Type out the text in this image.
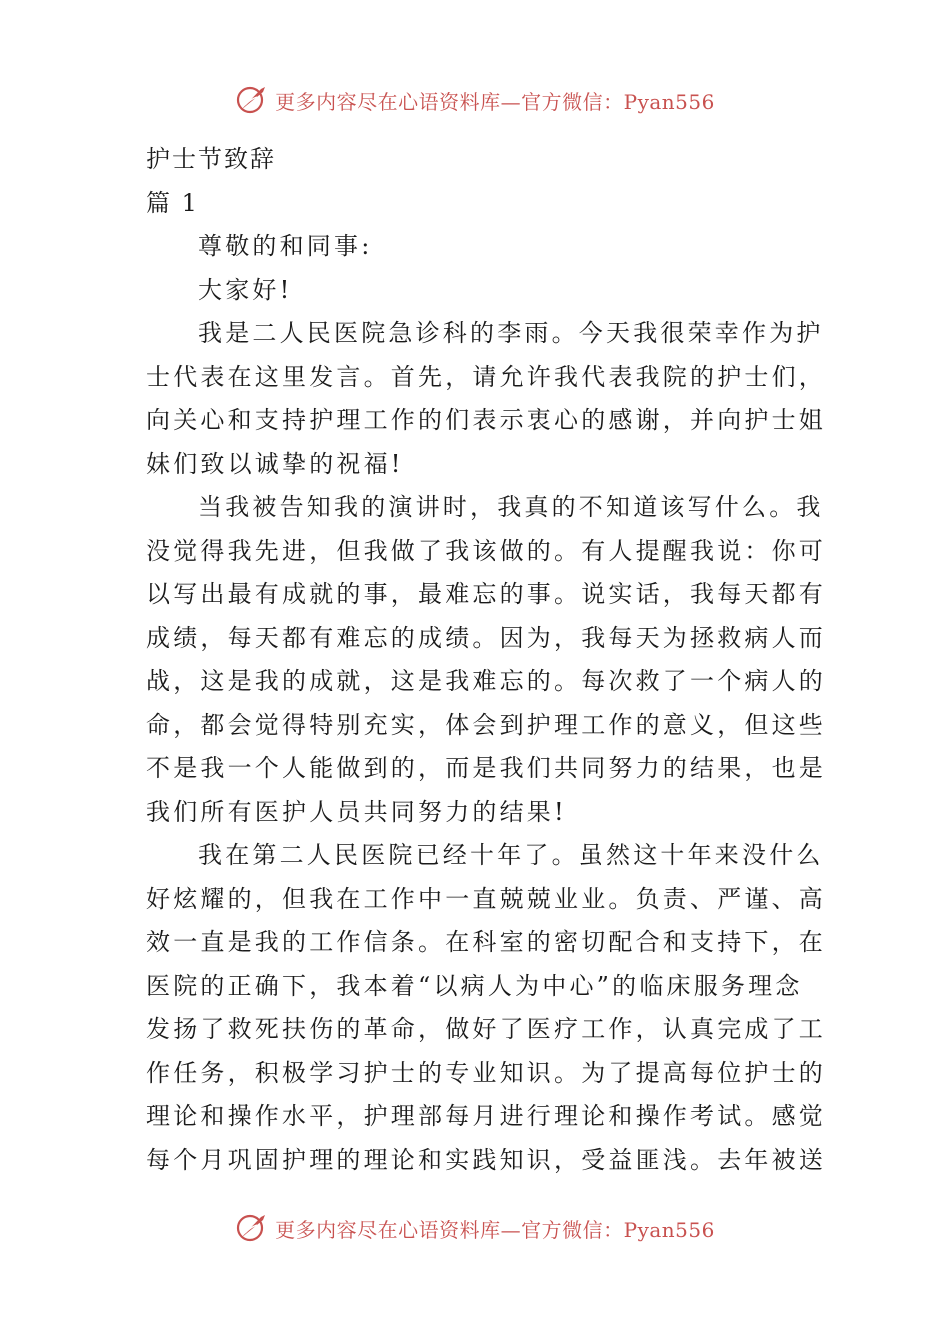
更多内容尽在心语资料库—官方微信：Pyan556
护士节致辞
篇 1
尊敬的和同事:
大家好!
我是二人民医院急诊科的李雨。今天我很荣幸作为护
士代表在这里发言。首先，请允许我代表我院的护士们，
向关心和支持护理工作的们表示衷心的感谢，并向护士姐
妹们致以诚挚的祝福!
当我被告知我的演讲时，我真的不知道该写什么。我
没觉得我先进，但我做了我该做的。有人提醒我说：你可
以写出最有成就的事，最难忘的事。说实话，我每天都有
成绩，每天都有难忘的成绩。因为，我每天为拯救病人而
战，这是我的成就，这是我难忘的。每次救了一个病人的
命，都会觉得特别充实，体会到护理工作的意义，但这些
不是我一个人能做到的，而是我们共同努力的结果，也是
我们所有医护人员共同努力的结果!
我在第二人民医院已经十年了。虽然这十年来没什么
好炫耀的，但我在工作中一直兢兢业业。负责、严谨、高
效一直是我的工作信条。在科室的密切配合和支持下，在
医院的正确下，我本着“以病人为中心”的临床服务理念
发扬了救死扶伤的革命，做好了医疗工作，认真完成了工
作任务，积极学习护士的专业知识。为了提高每位护士的
理论和操作水平，护理部每月进行理论和操作考试。感觉
每个月巩固护理的理论和实践知识，受益匪浅。去年被送
更多内容尽在心语资料库—官方微信：Pyan556
